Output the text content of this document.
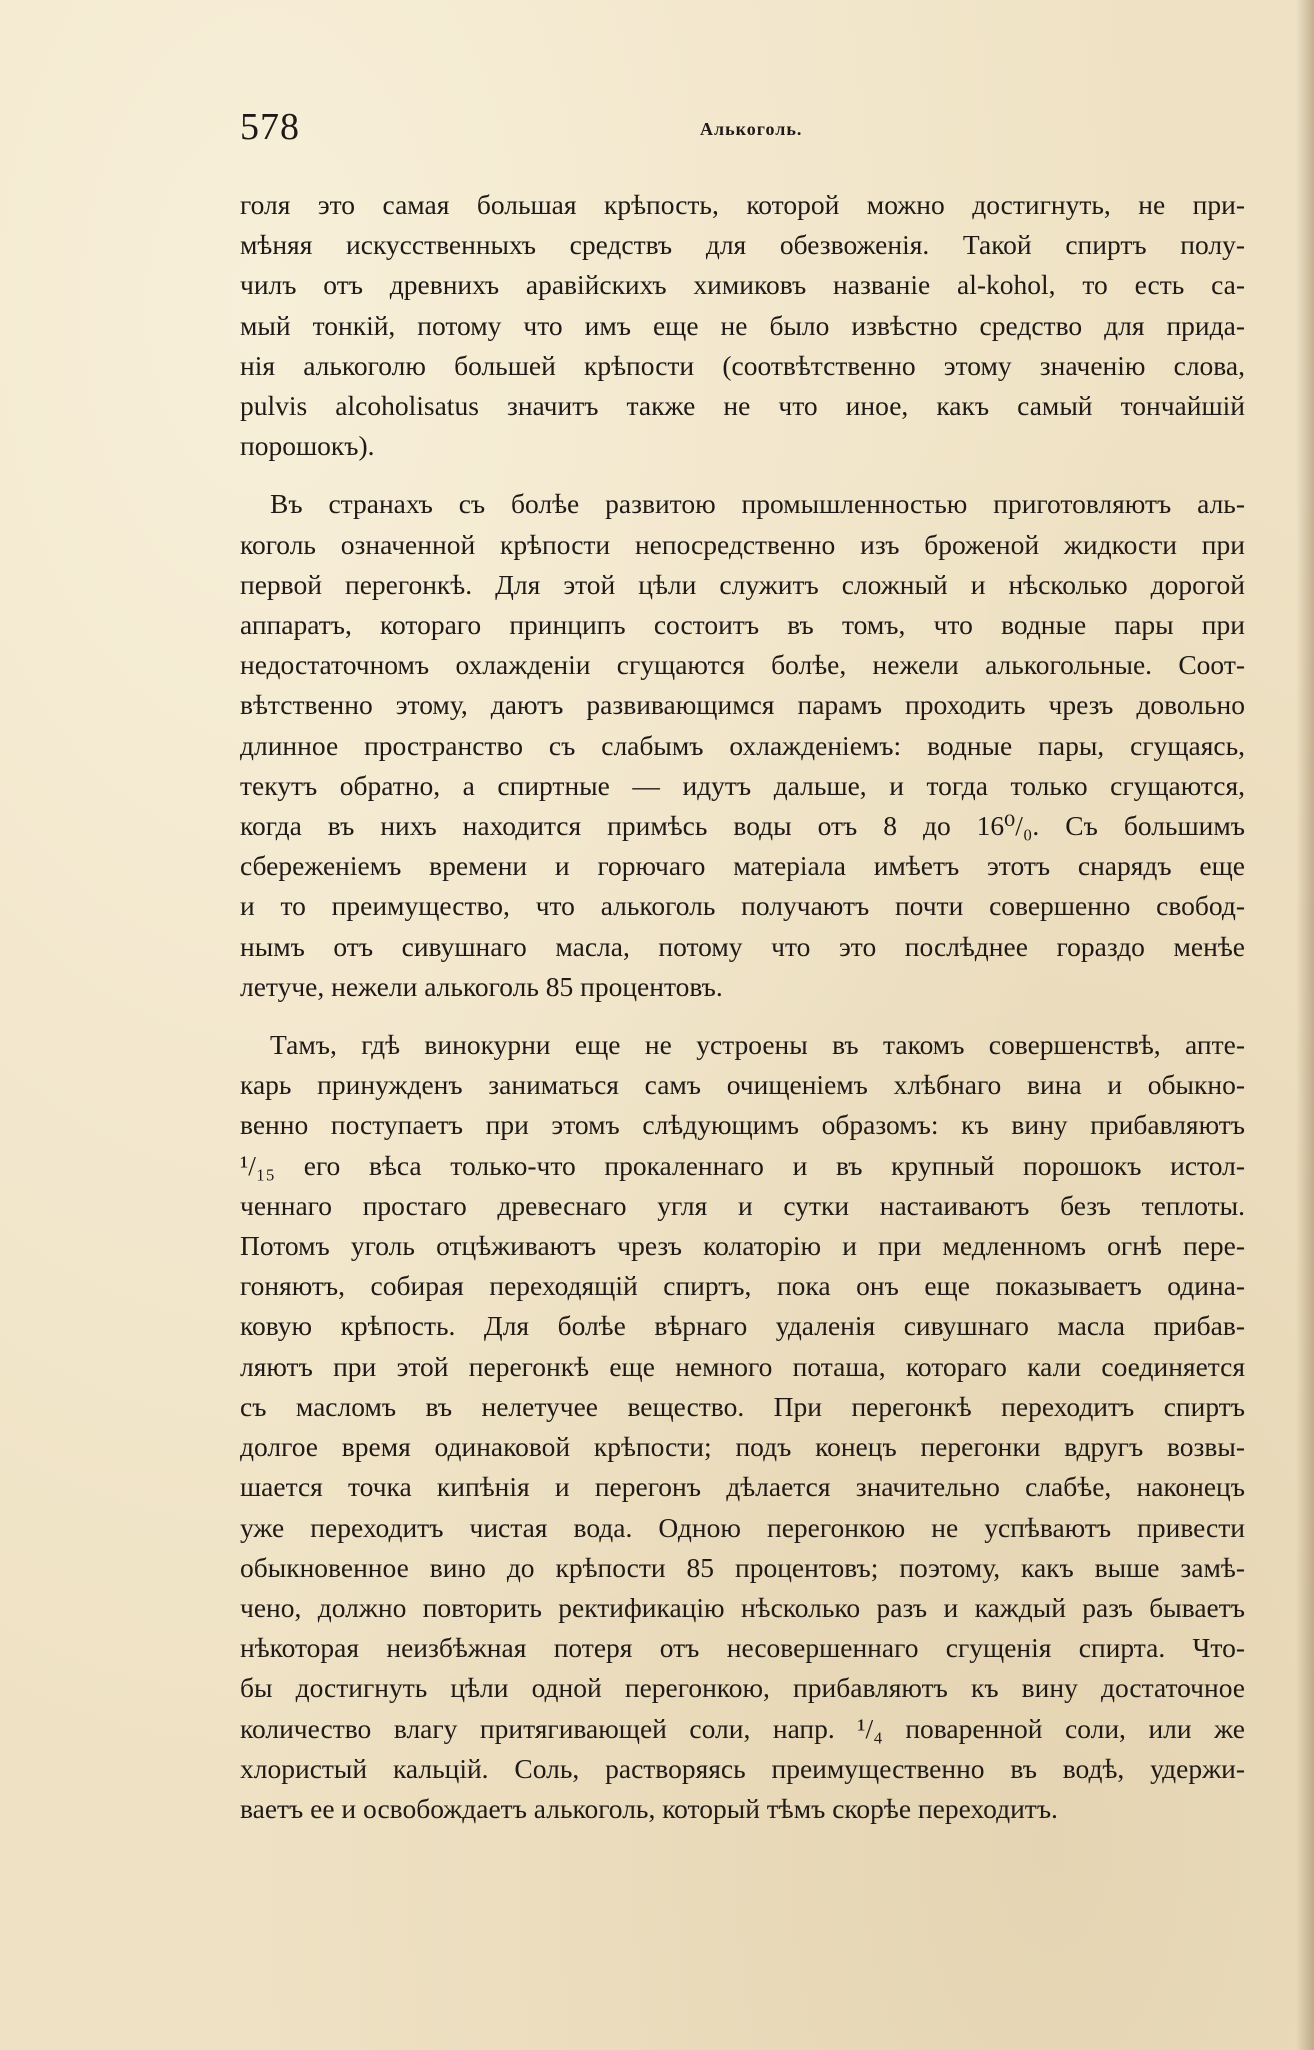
578	Алькоголь.
голя это самая большая крѣпость, которой можно достигнуть, не при-
мѣняя искусственныхъ средствъ для обезвоженія. Такой спиртъ полу-
чилъ отъ древнихъ аравійскихъ химиковъ названіе al-kohol, то есть са-
мый тонкій, потому что имъ еще не было извѣстно средство для прида-
нія алькоголю большей крѣпости (соотвѣтственно этому значенію слова,
pulvis alcoholisatus значитъ также не что иное, какъ самый тончайшій
порошокъ).
Въ странахъ съ болѣе развитою промышленностью приготовляютъ аль-
коголь означенной крѣпости непосредственно изъ броженой жидкости при
первой перегонкѣ. Для этой цѣли служитъ сложный и нѣсколько дорогой
аппаратъ, котораго принципъ состоитъ въ томъ, что водные пары при
недостаточномъ охлажденіи сгущаются болѣе, нежели алькогольные. Соот-
вѣтственно этому, даютъ развивающимся парамъ проходить чрезъ довольно
длинное пространство съ слабымъ охлажденіемъ: водные пары, сгущаясь,
текутъ обратно, а спиртные — идутъ дальше, и тогда только сгущаются,
когда въ нихъ находится примѣсь воды отъ 8 до 16⁰/₀. Съ большимъ
сбереженіемъ времени и горючаго матеріала имѣетъ этотъ снарядъ еще
и то преимущество, что алькоголь получаютъ почти совершенно свобод-
нымъ отъ сивушнаго масла, потому что это послѣднее гораздо менѣе
летуче, нежели алькоголь 85 процентовъ.
Тамъ, гдѣ винокурни еще не устроены въ такомъ совершенствѣ, апте-
карь принужденъ заниматься самъ очищеніемъ хлѣбнаго вина и обыкно-
венно поступаетъ при этомъ слѣдующимъ образомъ: къ вину прибавляютъ
¹/₁₅ его вѣса только-что прокаленнаго и въ крупный порошокъ истол-
ченнаго простаго древеснаго угля и сутки настаиваютъ безъ теплоты.
Потомъ уголь отцѣживаютъ чрезъ колаторію и при медленномъ огнѣ пере-
гоняютъ, собирая переходящій спиртъ, пока онъ еще показываетъ одина-
ковую крѣпость. Для болѣе вѣрнаго удаленія сивушнаго масла прибав-
ляютъ при этой перегонкѣ еще немного поташа, котораго кали соединяется
съ масломъ въ нелетучее вещество. При перегонкѣ переходитъ спиртъ
долгое время одинаковой крѣпости; подъ конецъ перегонки вдругъ возвы-
шается точка кипѣнія и перегонъ дѣлается значительно слабѣе, наконецъ
уже переходитъ чистая вода. Одною перегонкою не успѣваютъ привести
обыкновенное вино до крѣпости 85 процентовъ; поэтому, какъ выше замѣ-
чено, должно повторить ректификацію нѣсколько разъ и каждый разъ бываетъ
нѣкоторая неизбѣжная потеря отъ несовершеннаго сгущенія спирта. Что-
бы достигнуть цѣли одной перегонкою, прибавляютъ къ вину достаточное
количество влагу притягивающей соли, напр. ¹/₄ поваренной соли, или же
хлористый кальцій. Соль, растворяясь преимущественно въ водѣ, удержи-
ваетъ ее и освобождаетъ алькоголь, который тѣмъ скорѣе переходитъ.
